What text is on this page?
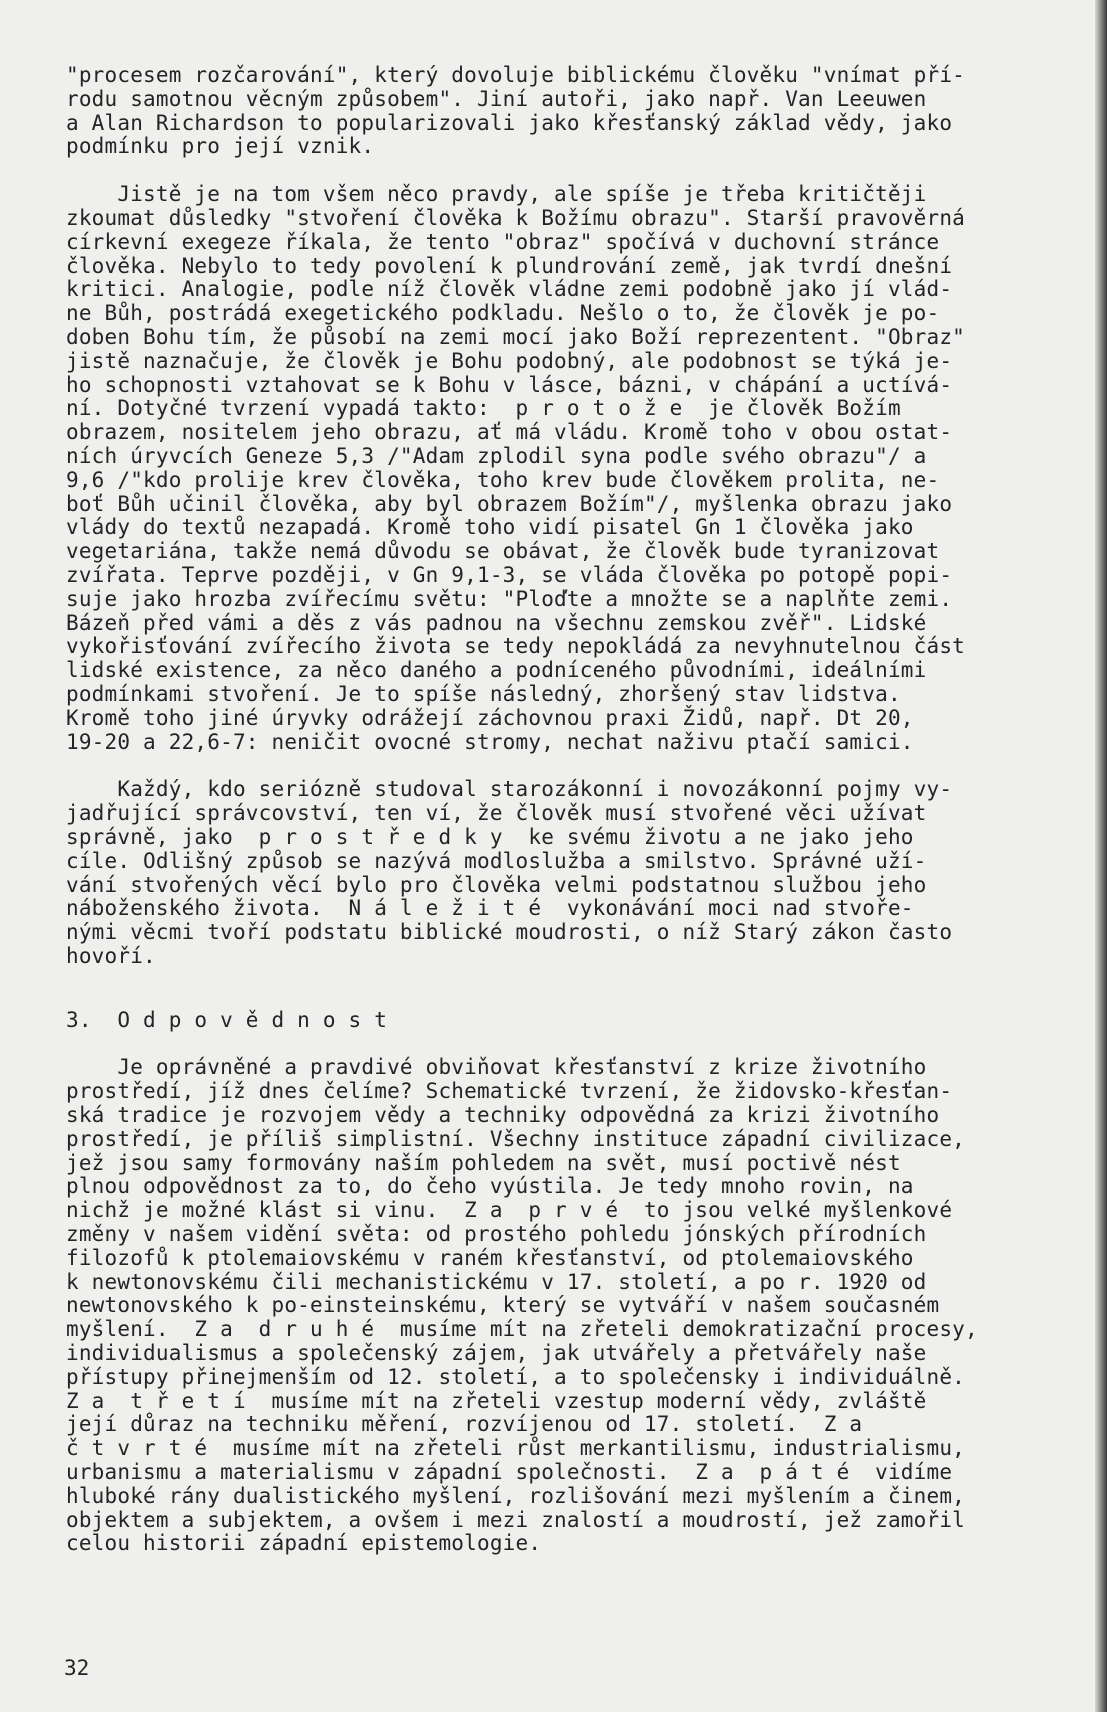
"procesem rozčarování", který dovoluje biblickému člověku "vnímat pří-
rodu samotnou věcným způsobem". Jiní autoři, jako např. Van Leeuwen
a Alan Richardson to popularizovali jako křesťanský základ vědy, jako
podmínku pro její vznik.
Jistě je na tom všem něco pravdy, ale spíše je třeba kritičtěji
zkoumat důsledky "stvoření člověka k Božímu obrazu". Starší pravověrná
církevní exegeze říkala, že tento "obraz" spočívá v duchovní stránce
člověka. Nebylo to tedy povolení k plundrování země, jak tvrdí dnešní
kritici. Analogie, podle níž člověk vládne zemi podobně jako jí vlád-
ne Bůh, postrádá exegetického podkladu. Nešlo o to, že člověk je po-
doben Bohu tím, že působí na zemi mocí jako Boží reprezentent. "Obraz"
jistě naznačuje, že člověk je Bohu podobný, ale podobnost se týká je-
ho schopnosti vztahovat se k Bohu v lásce, bázni, v chápání a uctívá-
ní. Dotyčné tvrzení vypadá takto:  p r o t o ž e  je člověk Božím
obrazem, nositelem jeho obrazu, ať má vládu. Kromě toho v obou ostat-
ních úryvcích Geneze 5,3 /"Adam zplodil syna podle svého obrazu"/ a
9,6 /"kdo prolije krev člověka, toho krev bude člověkem prolita, ne-
boť Bůh učinil člověka, aby byl obrazem Božím"/, myšlenka obrazu jako
vlády do textů nezapadá. Kromě toho vidí pisatel Gn 1 člověka jako
vegetariána, takže nemá důvodu se obávat, že člověk bude tyranizovat
zvířata. Teprve později, v Gn 9,1-3, se vláda člověka po potopě popi-
suje jako hrozba zvířecímu světu: "Ploďte a množte se a naplňte zemi.
Bázeň před vámi a děs z vás padnou na všechnu zemskou zvěř". Lidské
vykořisťování zvířecího života se tedy nepokládá za nevyhnutelnou část
lidské existence, za něco daného a podníceného původními, ideálními
podmínkami stvoření. Je to spíše následný, zhoršený stav lidstva.
Kromě toho jiné úryvky odrážejí záchovnou praxi Židů, např. Dt 20,
19-20 a 22,6-7: neničit ovocné stromy, nechat naživu ptačí samici.
Každý, kdo seriózně studoval starozákonní i novozákonní pojmy vy-
jadřující správcovství, ten ví, že člověk musí stvořené věci užívat
správně, jako  p r o s t ř e d k y  ke svému životu a ne jako jeho
cíle. Odlišný způsob se nazývá modloslužba a smilstvo. Správné uží-
vání stvořených věcí bylo pro člověka velmi podstatnou službou jeho
náboženského života.  N á l e ž i t é  vykonávání moci nad stvoře-
nými věcmi tvoří podstatu biblické moudrosti, o níž Starý zákon často
hovoří.
3.  O d p o v ě d n o s t
Je oprávněné a pravdivé obviňovat křesťanství z krize životního
prostředí, jíž dnes čelíme? Schematické tvrzení, že židovsko-křesťan-
ská tradice je rozvojem vědy a techniky odpovědná za krizi životního
prostředí, je příliš simplistní. Všechny instituce západní civilizace,
jež jsou samy formovány naším pohledem na svět, musí poctivě nést
plnou odpovědnost za to, do čeho vyústila. Je tedy mnoho rovin, na
nichž je možné klást si vinu.  Z a  p r v é  to jsou velké myšlenkové
změny v našem vidění světa: od prostého pohledu jónských přírodních
filozofů k ptolemaiovskému v raném křesťanství, od ptolemaiovského
k newtonovskému čili mechanistickému v 17. století, a po r. 1920 od
newtonovského k po-einsteinskému, který se vytváří v našem současném
myšlení.  Z a  d r u h é  musíme mít na zřeteli demokratizační procesy,
individualismus a společenský zájem, jak utvářely a přetvářely naše
přístupy přinejmenším od 12. století, a to společensky i individuálně.
Z a  t ř e t í  musíme mít na zřeteli vzestup moderní vědy, zvláště
její důraz na techniku měření, rozvíjenou od 17. století.  Z a
č t v r t é  musíme mít na zřeteli růst merkantilismu, industrialismu,
urbanismu a materialismu v západní společnosti.  Z a  p á t é  vidíme
hluboké rány dualistického myšlení, rozlišování mezi myšlením a činem,
objektem a subjektem, a ovšem i mezi znalostí a moudrostí, jež zamořil
celou historii západní epistemologie.
32
